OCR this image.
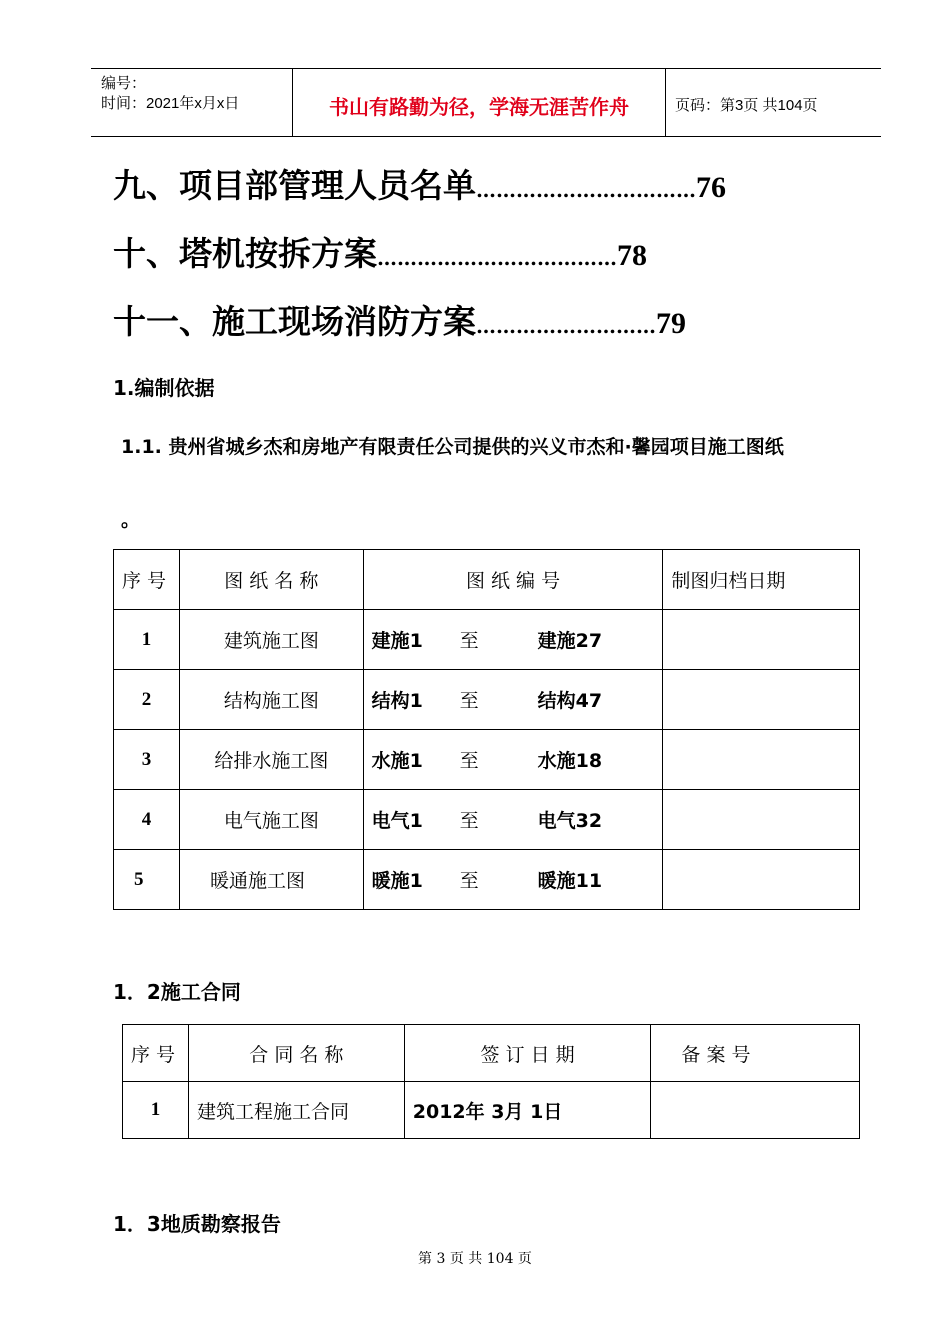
编号：
时间：2021年x月x日	书山有路勤为径，学海无涯苦作舟	页码：第3页 共104页
九、项目部管理人员名单……………………………76
十、塔机按拆方案………………………………78
十一、施工现场消防方案………………………79
1.编制依据
1.1. 贵州省城乡杰和房地产有限责任公司提供的兴义市杰和·馨园项目施工图纸
。
序 号	图 纸 名 称	图 纸 编 号	制图归档日期
1	建筑施工图	建施1 至 建施27	
2	结构施工图	结构1 至 结构47	
3	给排水施工图	水施1 至 水施18	
4	电气施工图	电气1 至 电气32	
5	暖通施工图	暖施1 至 暖施11	
1．2施工合同
序 号	合 同 名 称	签 订 日 期	备 案 号
1	建筑工程施工合同	2012年 3月 1日	
1．3地质勘察报告
第 3 页 共 104 页
